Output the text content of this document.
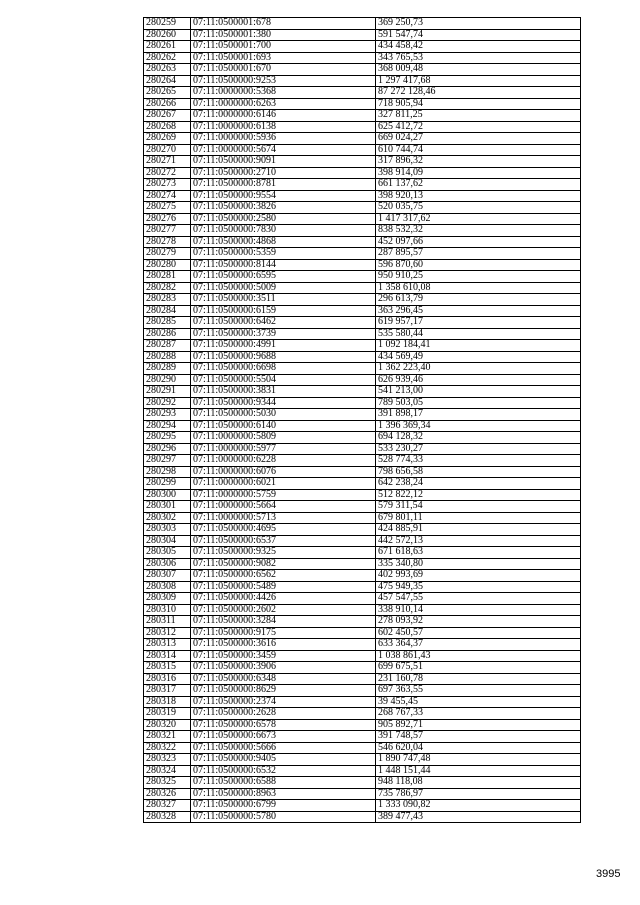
280259	07:11:0500001:678	369 250,73
280260	07:11:0500001:380	591 547,74
280261	07:11:0500001:700	434 458,42
280262	07:11:0500001:693	343 765,53
280263	07:11:0500001:670	368 009,48
280264	07:11:0500000:9253	1 297 417,68
280265	07:11:0000000:5368	87 272 128,46
280266	07:11:0000000:6263	718 905,94
280267	07:11:0000000:6146	327 811,25
280268	07:11:0000000:6138	625 412,72
280269	07:11:0000000:5936	669 024,27
280270	07:11:0000000:5674	610 744,74
280271	07:11:0500000:9091	317 896,32
280272	07:11:0500000:2710	398 914,09
280273	07:11:0500000:8781	661 137,62
280274	07:11:0500000:9554	398 920,13
280275	07:11:0500000:3826	520 035,75
280276	07:11:0500000:2580	1 417 317,62
280277	07:11:0500000:7830	838 532,32
280278	07:11:0500000:4868	452 097,66
280279	07:11:0500000:5359	287 895,57
280280	07:11:0500000:8144	596 870,60
280281	07:11:0500000:6595	950 910,25
280282	07:11:0500000:5009	1 358 610,08
280283	07:11:0500000:3511	296 613,79
280284	07:11:0500000:6159	363 296,45
280285	07:11:0500000:6462	619 957,17
280286	07:11:0500000:3739	535 580,44
280287	07:11:0500000:4991	1 092 184,41
280288	07:11:0500000:9688	434 569,49
280289	07:11:0500000:6698	1 362 223,40
280290	07:11:0500000:5504	626 939,46
280291	07:11:0500000:3831	541 213,00
280292	07:11:0500000:9344	789 503,05
280293	07:11:0500000:5030	391 898,17
280294	07:11:0500000:6140	1 396 369,34
280295	07:11:0000000:5809	694 128,32
280296	07:11:0000000:5977	533 230,27
280297	07:11:0000000:6228	528 774,33
280298	07:11:0000000:6076	798 656,58
280299	07:11:0000000:6021	642 238,24
280300	07:11:0000000:5759	512 822,12
280301	07:11:0000000:5664	579 311,54
280302	07:11:0000000:5713	679 801,11
280303	07:11:0500000:4695	424 885,91
280304	07:11:0500000:6537	442 572,13
280305	07:11:0500000:9325	671 618,63
280306	07:11:0500000:9082	335 340,80
280307	07:11:0500000:6562	402 993,69
280308	07:11:0500000:5489	475 949,35
280309	07:11:0500000:4426	457 547,55
280310	07:11:0500000:2602	338 910,14
280311	07:11:0500000:3284	278 093,92
280312	07:11:0500000:9175	602 450,57
280313	07:11:0500000:3616	633 364,37
280314	07:11:0500000:3459	1 038 861,43
280315	07:11:0500000:3906	699 675,51
280316	07:11:0500000:6348	231 160,78
280317	07:11:0500000:8629	697 363,55
280318	07:11:0500000:2374	39 455,45
280319	07:11:0500000:2628	268 767,33
280320	07:11:0500000:6578	905 892,71
280321	07:11:0500000:6673	391 748,57
280322	07:11:0500000:5666	546 620,04
280323	07:11:0500000:9405	1 890 747,48
280324	07:11:0500000:6532	1 448 151,44
280325	07:11:0500000:6588	948 118,08
280326	07:11:0500000:8963	735 786,97
280327	07:11:0500000:6799	1 333 090,82
280328	07:11:0500000:5780	389 477,43
3995
